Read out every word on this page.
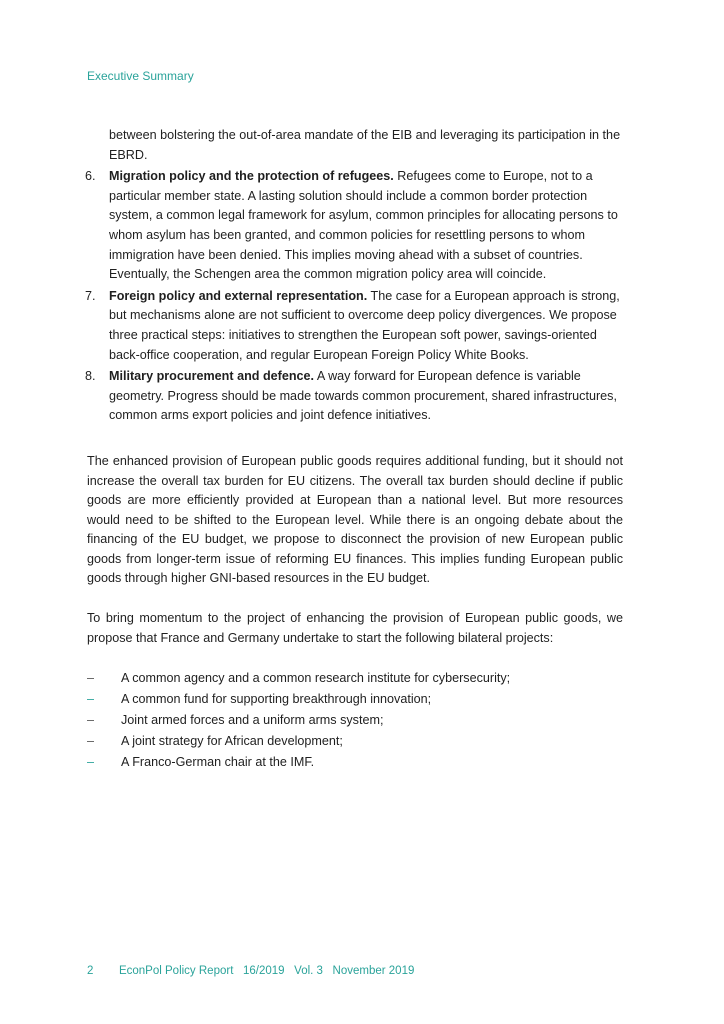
Executive Summary

between bolstering the out-of-area mandate of the EIB and leveraging its participation in the EBRD.

6. Migration policy and the protection of refugees. Refugees come to Europe, not to a particular member state. A lasting solution should include a common border protection system, a common legal framework for asylum, common principles for allocating persons to whom asylum has been granted, and common policies for resettling persons to whom immigration have been denied. This implies moving ahead with a subset of countries. Eventually, the Schengen area the common migration policy area will coincide.
7. Foreign policy and external representation. The case for a European approach is strong, but mechanisms alone are not sufficient to overcome deep policy divergences. We propose three practical steps: initiatives to strengthen the European soft power, savings-oriented back-office cooperation, and regular European Foreign Policy White Books.
8. Military procurement and defence. A way forward for European defence is variable geometry. Progress should be made towards common procurement, shared infrastructures, common arms export policies and joint defence initiatives.

The enhanced provision of European public goods requires additional funding, but it should not increase the overall tax burden for EU citizens. The overall tax burden should decline if public goods are more efficiently provided at European than a national level. But more resources would need to be shifted to the European level. While there is an ongoing debate about the financing of the EU budget, we propose to disconnect the provision of new European public goods from longer-term issue of reforming EU finances. This implies funding European public goods through higher GNI-based resources in the EU budget.

To bring momentum to the project of enhancing the provision of European public goods, we propose that France and Germany undertake to start the following bilateral projects:

– A common agency and a common research institute for cybersecurity;
– A common fund for supporting breakthrough innovation;
– Joint armed forces and a uniform arms system;
– A joint strategy for African development;
– A Franco-German chair at the IMF.
2 EconPol Policy Report 16/2019 Vol. 3 November 2019
